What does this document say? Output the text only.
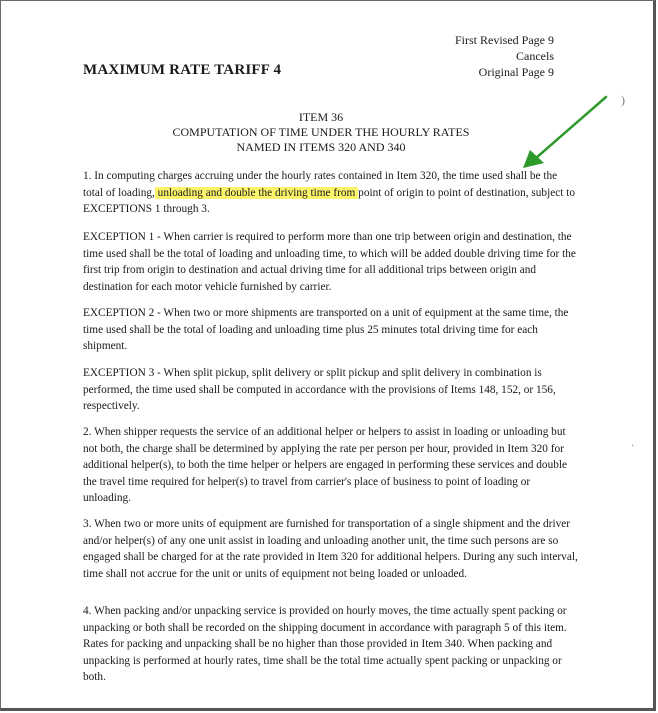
MAXIMUM RATE TARIFF 4
First Revised Page 9
Cancels
Original Page 9
ITEM 36
COMPUTATION OF TIME UNDER THE HOURLY RATES
NAMED IN ITEMS 320 AND 340
1. In computing charges accruing under the hourly rates contained in Item 320, the time used shall be the total of loading, unloading and double the driving time from point of origin to point of destination, subject to EXCEPTIONS 1 through 3.
EXCEPTION 1 - When carrier is required to perform more than one trip between origin and destination, the time used shall be the total of loading and unloading time, to which will be added double driving time for the first trip from origin to destination and actual driving time for all additional trips between origin and destination for each motor vehicle furnished by carrier.
EXCEPTION 2 - When two or more shipments are transported on a unit of equipment at the same time, the time used shall be the total of loading and unloading time plus 25 minutes total driving time for each shipment.
EXCEPTION 3 - When split pickup, split delivery or split pickup and split delivery in combination is performed, the time used shall be computed in accordance with the provisions of Items 148, 152, or 156, respectively.
2. When shipper requests the service of an additional helper or helpers to assist in loading or unloading but not both, the charge shall be determined by applying the rate per person per hour, provided in Item 320 for additional helper(s), to both the time helper or helpers are engaged in performing these services and double the travel time required for helper(s) to travel from carrier's place of business to point of loading or unloading.
3. When two or more units of equipment are furnished for transportation of a single shipment and the driver and/or helper(s) of any one unit assist in loading and unloading another unit, the time such persons are so engaged shall be charged for at the rate provided in Item 320 for additional helpers. During any such interval, time shall not accrue for the unit or units of equipment not being loaded or unloaded.
4. When packing and/or unpacking service is provided on hourly moves, the time actually spent packing or unpacking or both shall be recorded on the shipping document in accordance with paragraph 5 of this item. Rates for packing and unpacking shall be no higher than those provided in Item 340. When packing and unpacking is performed at hourly rates, time shall be the total time actually spent packing or unpacking or both.
)
·
